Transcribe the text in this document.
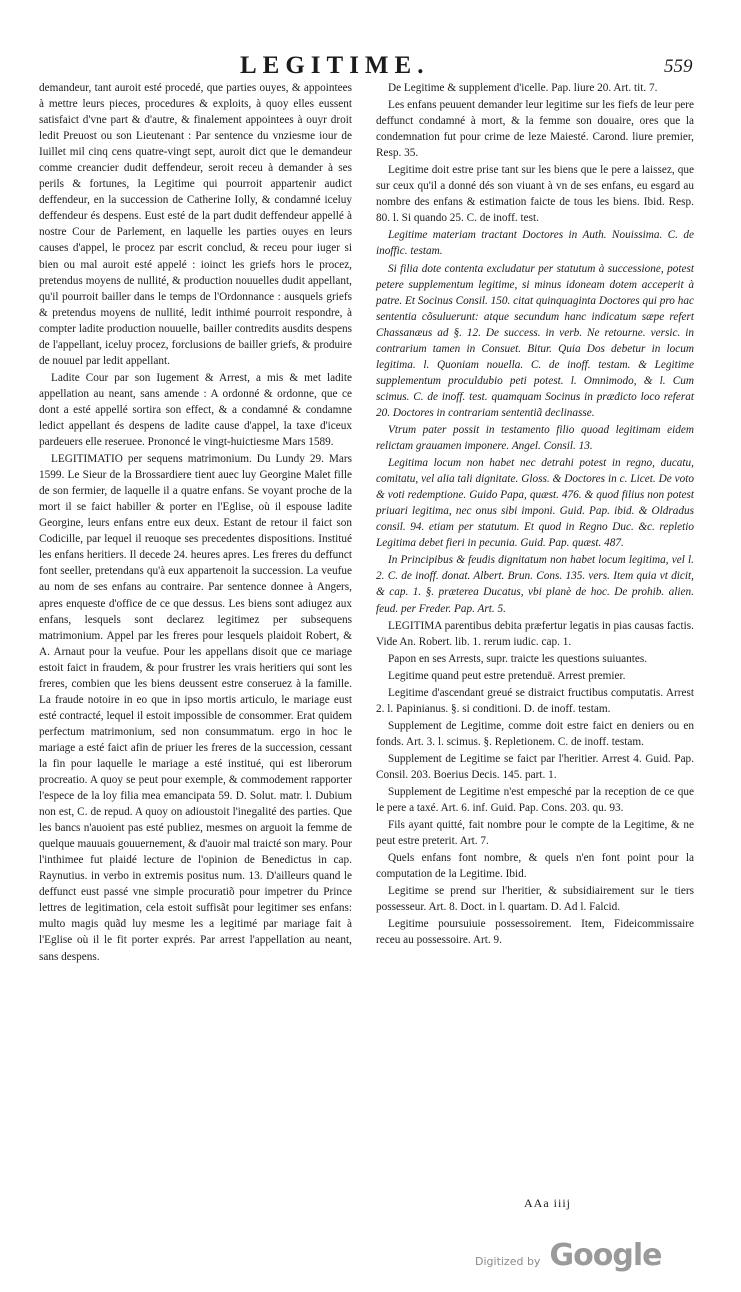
LEGITIME.	559

demandeur, tant auroit esté procedé, que parties ouyes, & appointees à mettre leurs pieces, procedures & exploits, à quoy elles eussent satisfaict d'vne part & d'autre, & finalement appointees à ouyr droit ledit Preuost ou son Lieutenant : Par sentence du vnziesme iour de Iuillet mil cinq cens quatre-vingt sept, auroit dict que le demandeur comme creancier dudit deffendeur, seroit receu à demander à ses perils & fortunes, la Legitime qui pourroit appartenir audict deffendeur, en la succession de Catherine Iolly, & condamné iceluy deffendeur és despens. Eust esté de la part dudit deffendeur appellé à nostre Cour de Parlement, en laquelle les parties ouyes en leurs causes d'appel, le procez par escrit conclud, & receu pour iuger si bien ou mal auroit esté appelé : ioinct les griefs hors le procez, pretendus moyens de nullité, & production nouuelles dudit appellant, qu'il pourroit bailler dans le temps de l'Ordonnance : ausquels griefs & pretendus moyens de nullité, ledit inthimé pourroit respondre, à compter ladite production nouuelle, bailler contredits ausdits despens de l'appellant, iceluy procez, forclusions de bailler griefs, & produire de nouuel par ledit appellant.

Ladite Cour par son Iugement & Arrest, a mis & met ladite appellation au neant, sans amende : A ordonné & ordonne, que ce dont a esté appellé sortira son effect, & a condamné & condamne ledict appellant és despens de ladite cause d'appel, la taxe d'iceux pardeuers elle reseruee. Prononcé le vingt-huictiesme Mars 1589.

LEGITIMATIO per sequens matrimonium. Du Lundy 29. Mars 1599. Le Sieur de la Brossardiere tient auec luy Georgine Malet fille de son fermier, de laquelle il a quatre enfans. Se voyant proche de la mort il se faict habiller & porter en l'Eglise, où il espouse ladite Georgine, leurs enfans entre eux deux. Estant de retour il faict son Codicille, par lequel il reuoque ses precedentes dispositions. Institué les enfans heritiers. Il decede 24. heures apres. Les freres du deffunct font seeller, pretendans qu'à eux appartenoit la succession. La veufue au nom de ses enfans au contraire. Par sentence donnee à Angers, apres enqueste d'office de ce que dessus. Les biens sont adiugez aux enfans, lesquels sont declarez legitimez per subsequens matrimonium. Appel par les freres pour lesquels plaidoit Robert, & A. Arnaut pour la veufue. Pour les appellans disoit que ce mariage estoit faict in fraudem, & pour frustrer les vrais heritiers qui sont les freres, combien que les biens deussent estre conseruez à la famille. La fraude notoire in eo que in ipso mortis articulo, le mariage eust esté contracté, lequel il estoit impossible de consommer. Erat quidem perfectum matrimonium, sed non consummatum. ergo in hoc le mariage a esté faict afin de priuer les freres de la succession, cessant la fin pour laquelle le mariage a esté institué, qui est liberorum procreatio. A quoy se peut pour exemple, & commodement rapporter l'espece de la loy filia mea emancipata 59. D. Solut. matr. l. Dubium non est, C. de repud. A quoy on adioustoit l'inegalité des parties. Que les bancs n'auoient pas esté publiez, mesmes on arguoit la femme de quelque mauuais gouuernement, & d'auoir mal traicté son mary. Pour l'inthimee fut plaidé lecture de l'opinion de Benedictus in cap. Raynutius. in verbo in extremis positus num. 13. D'ailleurs quand le deffunct eust passé vne simple procuratiõ pour impetrer du Prince lettres de legitimation, cela estoit suffisãt pour legitimer ses enfans: multo magis quãd luy mesme les a legitimé par mariage fait à l'Eglise où il le fit porter exprés. Par arrest l'appellation au neant, sans despens.

De Legitime & supplement d'icelle. Pap. liure 20. Art. tit. 7.

Les enfans peuuent demander leur legitime sur les fiefs de leur pere deffunct condamné à mort, & la femme son douaire, ores que la condemnation fut pour crime de leze Maiesté. Carond. liure premier, Resp. 35.

Legitime doit estre prise tant sur les biens que le pere a laissez, que sur ceux qu'il a donné dés son viuant à vn de ses enfans, eu esgard au nombre des enfans & estimation faicte de tous les biens. Ibid. Resp. 80. l. Si quando 25. C. de inoff. test.

Legitime materiam tractant Doctores in Auth. Nouissima. C. de inoffic. testam.

Si filia dote contenta excludatur per statutum à successione, potest petere supplementum legitime, si minus idoneam dotem acceperit à patre. Et Socinus Consil. 150. citat quinquaginta Doctores qui pro hac sententia cõsuluerunt: atque secundum hanc indicatum sæpe refert Chassanæus ad §. 12. De success. in verb. Ne retourne. versic. in contrarium tamen in Consuet. Bitur. Quia Dos debetur in locum legitima. l. Quoniam nouella. C. de inoff. testam. & Legitime supplementum proculdubio peti potest. l. Omnimodo, & l. Cum scimus. C. de inoff. test. quamquam Socinus in prædicto loco referat 20. Doctores in contrariam sententiã declinasse.

Vtrum pater possit in testamento filio quoad legitimam eidem relictam grauamen imponere. Angel. Consil. 13.

Legitima locum non habet nec detrahi potest in regno, ducatu, comitatu, vel alia tali dignitate. Gloss. & Doctores in c. Licet. De voto & voti redemptione. Guido Papa, quæst. 476. & quod filius non potest priuari legitima, nec onus sibi imponi. Guid. Pap. ibid. & Oldradus consil. 94. etiam per statutum. Et quod in Regno Duc. &c. repletio Legitima debet fieri in pecunia. Guid. Pap. quæst. 487.

In Principibus & feudis dignitatum non habet locum legitima, vel l. 2. C. de inoff. donat. Albert. Brun. Cons. 135. vers. Item quia vt dicit, & cap. 1. §. præterea Ducatus, vbi planè de hoc. De prohib. alien. feud. per Freder. Pap. Art. 5.

LEGITIMA parentibus debita præfertur legatis in pias causas factis. Vide An. Robert. lib. 1. rerum iudic. cap. 1.

Papon en ses Arrests, supr. traicte les questions suiuantes.

Legitime quand peut estre pretenduë. Arrest premier.

Legitime d'ascendant greué se distraict fructibus computatis. Arrest 2. l. Papinianus. §. si conditioni. D. de inoff. testam.

Supplement de Legitime, comme doit estre faict en deniers ou en fonds. Art. 3. l. scimus. §. Repletionem. C. de inoff. testam.

Supplement de Legitime se faict par l'heritier. Arrest 4. Guid. Pap. Consil. 203. Boerius Decis. 145. part. 1.

Supplement de Legitime n'est empesché par la reception de ce que le pere a taxé. Art. 6. inf. Guid. Pap. Cons. 203. qu. 93.

Fils ayant quitté, fait nombre pour le compte de la Legitime, & ne peut estre preterit. Art. 7.

Quels enfans font nombre, & quels n'en font point pour la computation de la Legitime. Ibid.

Legitime se prend sur l'heritier, & subsidiairement sur le tiers possesseur. Art. 8. Doct. in l. quartam. D. Ad l. Falcid.

Legitime poursuiuie possessoirement. Item, Fideicommissaire receu au possessoire. Art. 9.

AAa iiij
Digitized by Google
